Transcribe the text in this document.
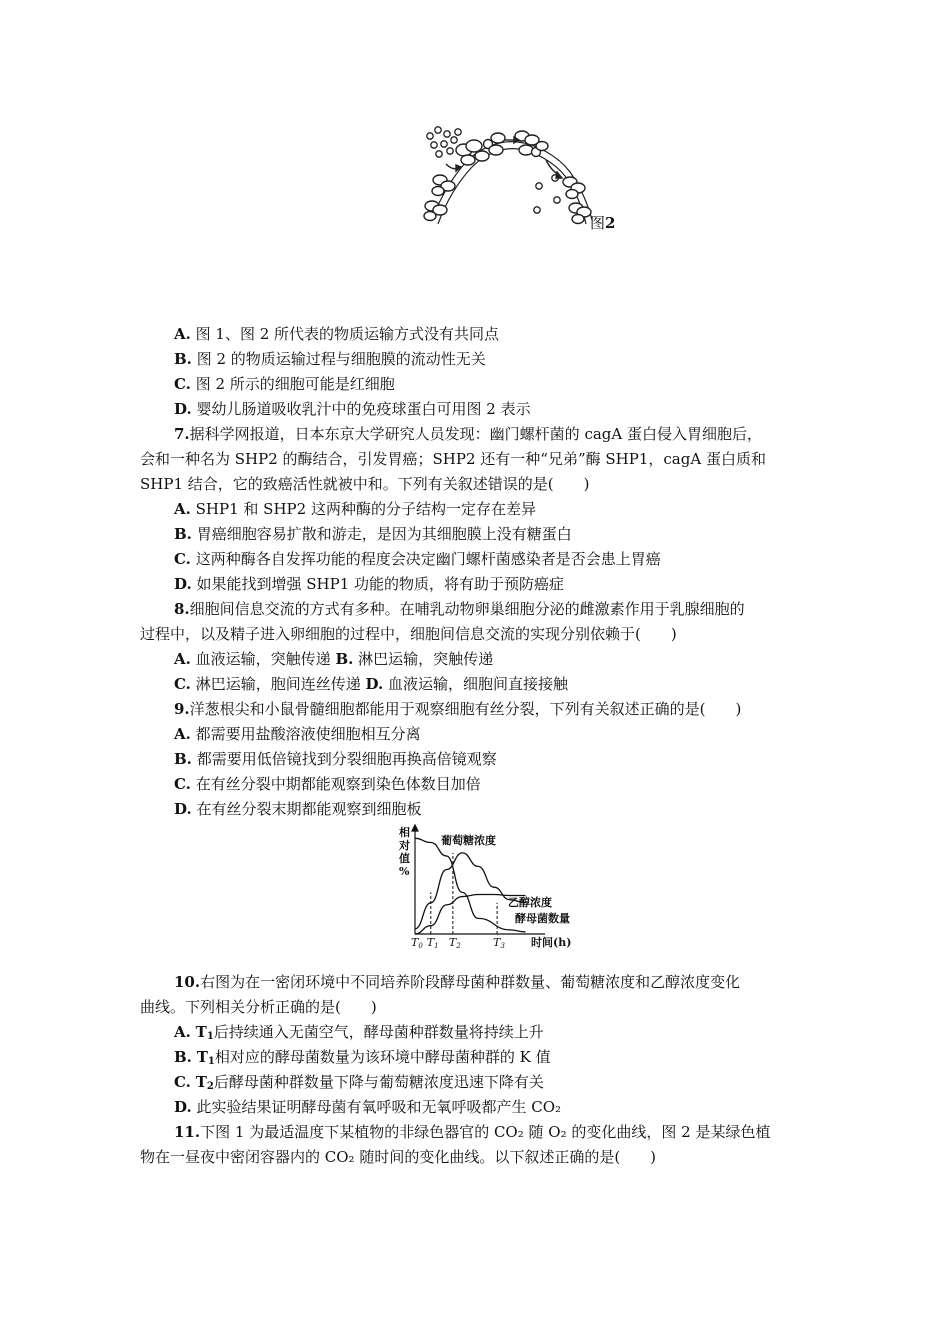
图2
A. 图 1、图 2 所代表的物质运输方式没有共同点
B. 图 2 的物质运输过程与细胞膜的流动性无关
C. 图 2 所示的细胞可能是红细胞
D. 婴幼儿肠道吸收乳汁中的免疫球蛋白可用图 2 表示
7.据科学网报道，日本东京大学研究人员发现：幽门螺杆菌的 cagA 蛋白侵入胃细胞后，
会和一种名为 SHP2 的酶结合，引发胃癌；SHP2 还有一种“兄弟”酶 SHP1，cagA 蛋白质和
SHP1 结合，它的致癌活性就被中和。下列有关叙述错误的是(　　)
A. SHP1 和 SHP2 这两种酶的分子结构一定存在差异
B. 胃癌细胞容易扩散和游走，是因为其细胞膜上没有糖蛋白
C. 这两种酶各自发挥功能的程度会决定幽门螺杆菌感染者是否会患上胃癌
D. 如果能找到增强 SHP1 功能的物质，将有助于预防癌症
8.细胞间信息交流的方式有多种。在哺乳动物卵巢细胞分泌的雌激素作用于乳腺细胞的
过程中，以及精子进入卵细胞的过程中，细胞间信息交流的实现分别依赖于(　　)
A. 血液运输，突触传递 B. 淋巴运输，突触传递
C. 淋巴运输，胞间连丝传递 D. 血液运输，细胞间直接接触
9.洋葱根尖和小鼠骨髓细胞都能用于观察细胞有丝分裂，下列有关叙述正确的是(　　)
A. 都需要用盐酸溶液使细胞相互分离
B. 都需要用低倍镜找到分裂细胞再换高倍镜观察
C. 在有丝分裂中期都能观察到染色体数目加倍
D. 在有丝分裂末期都能观察到细胞板
T0 T1 T2	T3 时间(h)
相
对
值
%
葡萄糖浓度
乙醇浓度
酵母菌数量
10.右图为在一密闭环境中不同培养阶段酵母菌种群数量、葡萄糖浓度和乙醇浓度变化
曲线。下列相关分析正确的是(　　)
A. $T_1$后持续通入无菌空气，酵母菌种群数量将持续上升
B. $T_1$相对应的酵母菌数量为该环境中酵母菌种群的 K 值
C. $T_2$后酵母菌种群数量下降与葡萄糖浓度迅速下降有关
D. 此实验结果证明酵母菌有氧呼吸和无氧呼吸都产生 CO₂
11.下图 1 为最适温度下某植物的非绿色器官的 CO₂ 随 O₂ 的变化曲线，图 2 是某绿色植
物在一昼夜中密闭容器内的 CO₂ 随时间的变化曲线。以下叙述正确的是(　　)
